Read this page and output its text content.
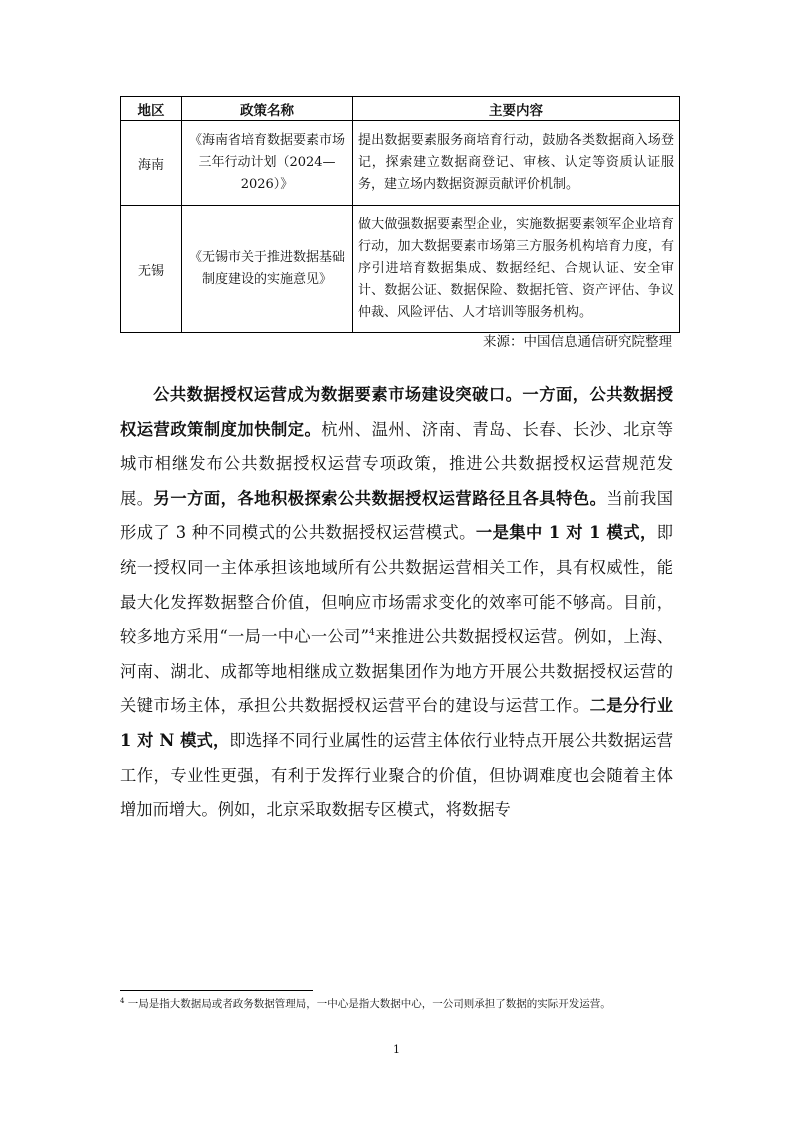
地区	政策名称	主要内容
海南	《海南省培育数据要素市场三年行动计划（2024—2026）》	提出数据要素服务商培育行动，鼓励各类数据商入场登记，探索建立数据商登记、审核、认定等资质认证服务，建立场内数据资源贡献评价机制。
无锡	《无锡市关于推进数据基础制度建设的实施意见》	做大做强数据要素型企业，实施数据要素领军企业培育行动，加大数据要素市场第三方服务机构培育力度，有序引进培育数据集成、数据经纪、合规认证、安全审计、数据公证、数据保险、数据托管、资产评估、争议仲裁、风险评估、人才培训等服务机构。
来源：中国信息通信研究院整理

公共数据授权运营成为数据要素市场建设突破口。一方面，公共数据授权运营政策制度加快制定。杭州、温州、济南、青岛、长春、长沙、北京等城市相继发布公共数据授权运营专项政策，推进公共数据授权运营规范发展。另一方面，各地积极探索公共数据授权运营路径且各具特色。当前我国形成了 3 种不同模式的公共数据授权运营模式。一是集中 1 对 1 模式，即统一授权同一主体承担该地域所有公共数据运营相关工作，具有权威性，能最大化发挥数据整合价值，但响应市场需求变化的效率可能不够高。目前，较多地方采用“一局一中心一公司”$^4$来推进公共数据授权运营。例如，上海、河南、湖北、成都等地相继成立数据集团作为地方开展公共数据授权运营的关键市场主体，承担公共数据授权运营平台的建设与运营工作。二是分行业 1 对 N 模式，即选择不同行业属性的运营主体依行业特点开展公共数据运营工作，专业性更强，有利于发挥行业聚合的价值，但协调难度也会随着主体增加而增大。例如，北京采取数据专区模式，将数据专

$^4$ 一局是指大数据局或者政务数据管理局，一中心是指大数据中心，一公司则承担了数据的实际开发运营。

1
